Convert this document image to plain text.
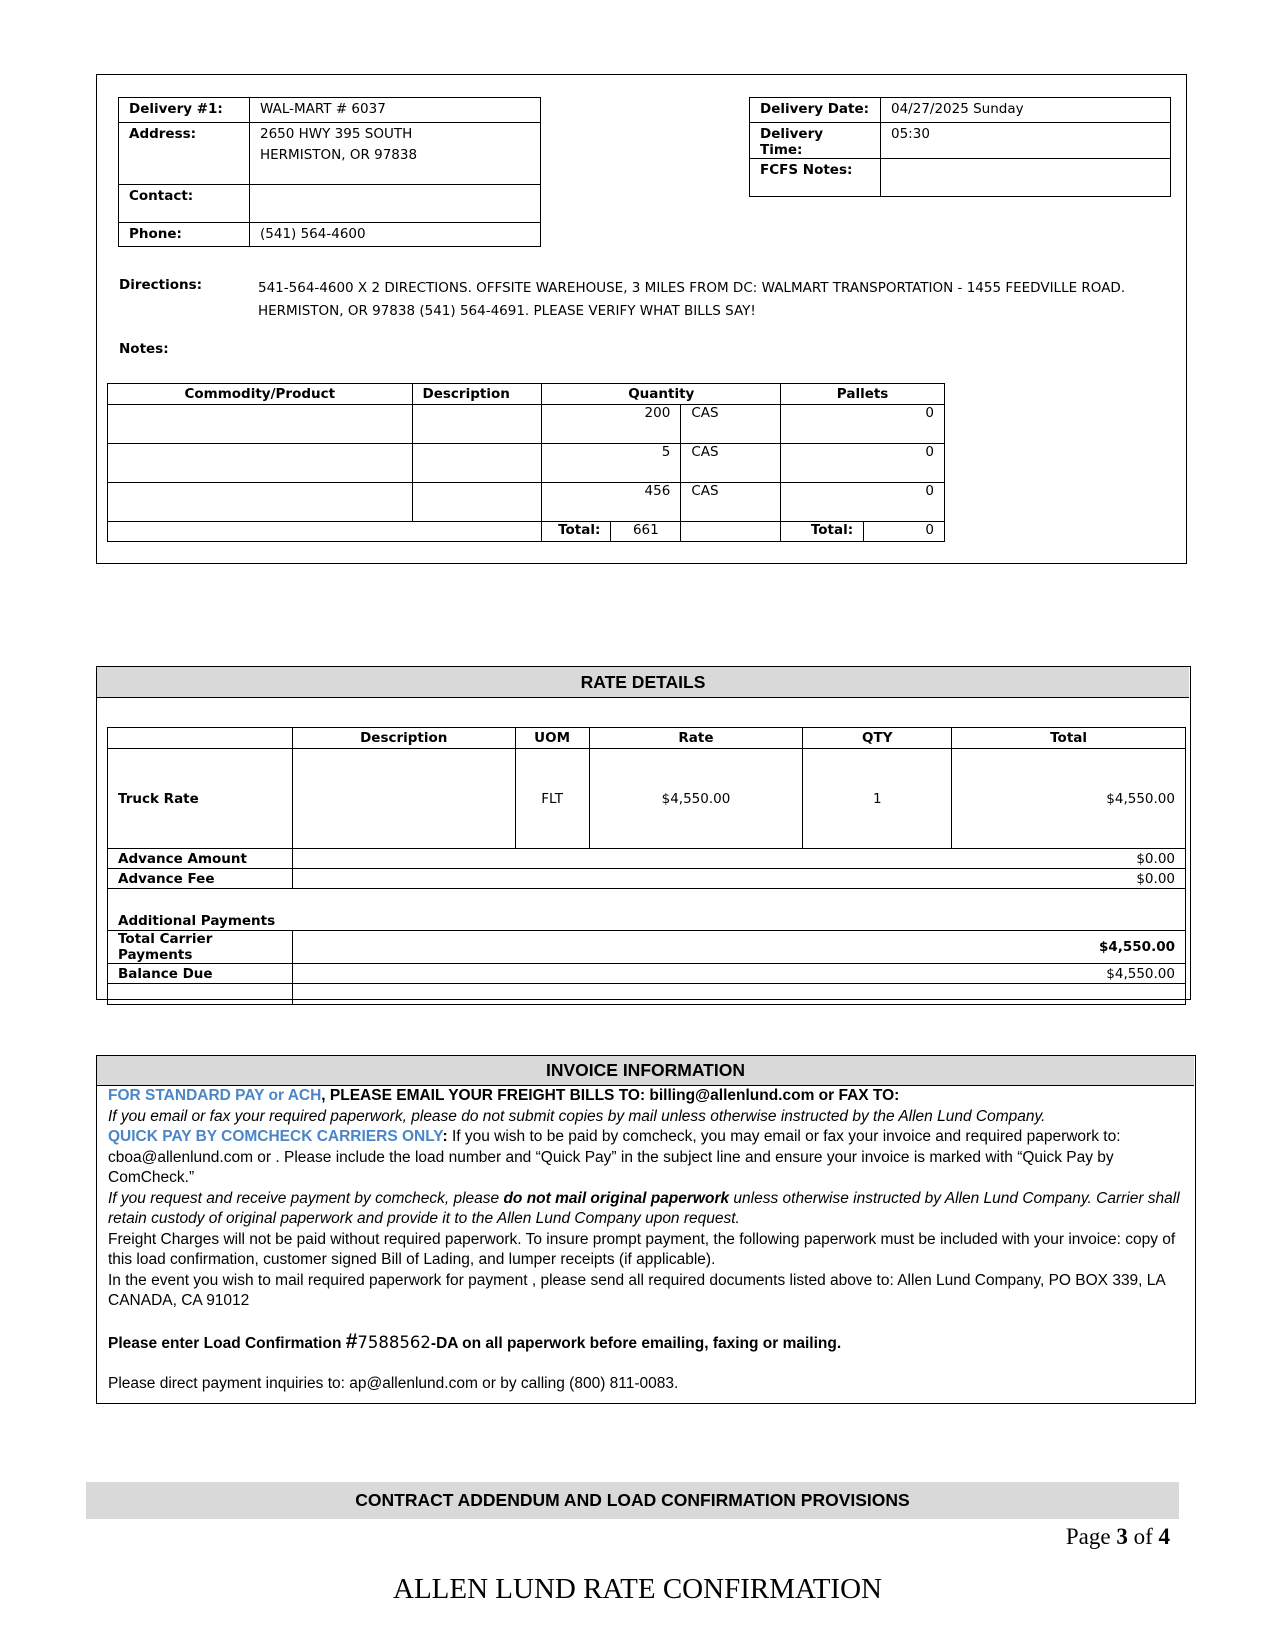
Delivery #1:	WAL-MART # 6037
Address:	2650 HWY 395 SOUTH
	HERMISTON, OR 97838
Contact:	
Phone:	(541) 564-4600
Delivery Date:	04/27/2025 Sunday
Delivery Time:	05:30
FCFS Notes:	
Directions:	541-564-4600 X 2 DIRECTIONS. OFFSITE WAREHOUSE, 3 MILES FROM DC: WALMART TRANSPORTATION - 1455 FEEDVILLE ROAD. HERMISTON, OR 97838 (541) 564-4691. PLEASE VERIFY WHAT BILLS SAY!
Notes:
Commodity/Product	Description	Quantity			Pallets	
		200		CAS	0	
		5		CAS	0	
		456		CAS	0	
		Total:	661		Total:	0
RATE DETAILS
	Description	UOM	Rate	QTY	Total
Truck Rate		FLT	$4,550.00	1	$4,550.00
Advance Amount	$0.00				
Advance Fee	$0.00				
Additional Payments					
Total Carrier Payments	$4,550.00				
Balance Due	$4,550.00				

INVOICE INFORMATION
FOR STANDARD PAY or ACH, PLEASE EMAIL YOUR FREIGHT BILLS TO: billing@allenlund.com or FAX TO:
If you email or fax your required paperwork, please do not submit copies by mail unless otherwise instructed by the Allen Lund Company.
QUICK PAY BY COMCHECK CARRIERS ONLY: If you wish to be paid by comcheck, you may email or fax your invoice and required paperwork to: cboa@allenlund.com or . Please include the load number and “Quick Pay” in the subject line and ensure your invoice is marked with “Quick Pay by ComCheck.”
If you request and receive payment by comcheck, please do not mail original paperwork unless otherwise instructed by Allen Lund Company. Carrier shall retain custody of original paperwork and provide it to the Allen Lund Company upon request.
Freight Charges will not be paid without required paperwork. To insure prompt payment, the following paperwork must be included with your invoice: copy of this load confirmation, customer signed Bill of Lading, and lumper receipts (if applicable).
In the event you wish to mail required paperwork for payment , please send all required documents listed above to: Allen Lund Company, PO BOX 339, LA CANADA, CA 91012
Please enter Load Confirmation #7588562-DA on all paperwork before emailing, faxing or mailing.
Please direct payment inquiries to: ap@allenlund.com or by calling (800) 811-0083.
CONTRACT ADDENDUM AND LOAD CONFIRMATION PROVISIONS
Page 3 of 4
ALLEN LUND RATE CONFIRMATION
